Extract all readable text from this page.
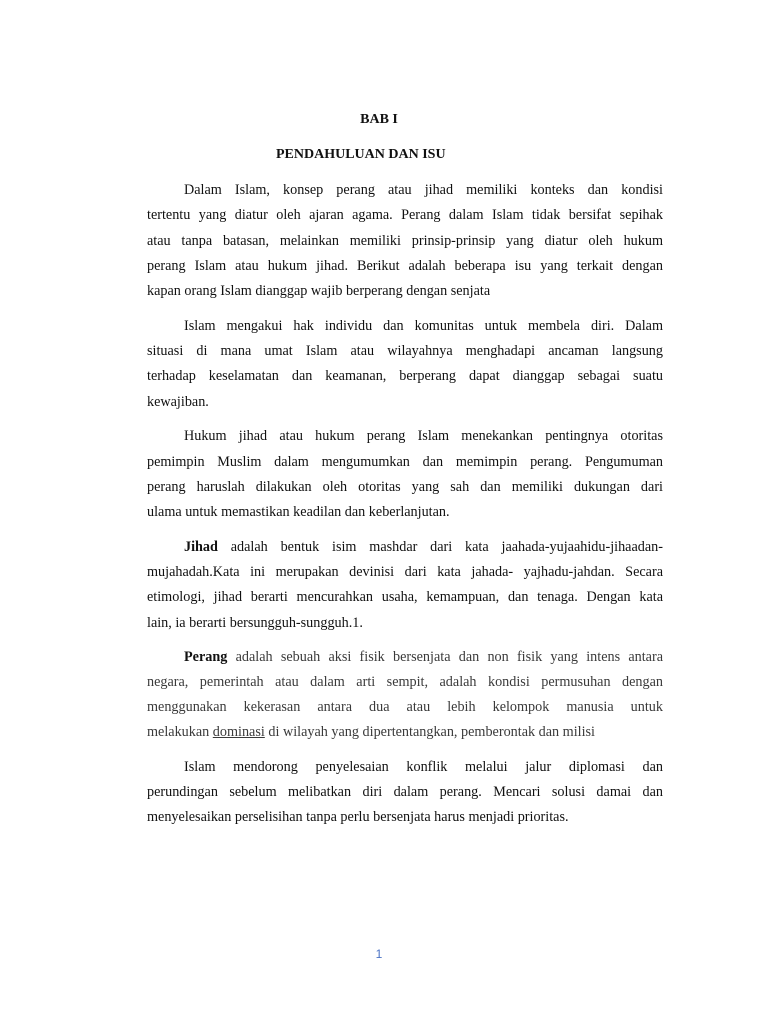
BAB I
PENDAHULUAN DAN ISU
Dalam Islam, konsep perang atau jihad memiliki konteks dan kondisi
tertentu yang diatur oleh ajaran agama. Perang dalam Islam tidak bersifat sepihak
atau tanpa batasan, melainkan memiliki prinsip-prinsip yang diatur oleh hukum
perang Islam atau hukum jihad. Berikut adalah beberapa isu yang terkait dengan
kapan orang Islam dianggap wajib berperang dengan senjata
Islam mengakui hak individu dan komunitas untuk membela diri. Dalam
situasi di mana umat Islam atau wilayahnya menghadapi ancaman langsung
terhadap keselamatan dan keamanan, berperang dapat dianggap sebagai suatu
kewajiban.
Hukum jihad atau hukum perang Islam menekankan pentingnya otoritas
pemimpin Muslim dalam mengumumkan dan memimpin perang. Pengumuman
perang haruslah dilakukan oleh otoritas yang sah dan memiliki dukungan dari
ulama untuk memastikan keadilan dan keberlanjutan.
Jihad adalah bentuk isim mashdar dari kata jaahada-yujaahidu-jihaadan-
mujahadah.Kata ini merupakan devinisi dari kata jahada- yajhadu-jahdan. Secara
etimologi, jihad berarti mencurahkan usaha, kemampuan, dan tenaga. Dengan kata
lain, ia berarti bersungguh-sungguh.1.
Perang adalah sebuah aksi fisik bersenjata dan non fisik yang intens antara
negara, pemerintah atau dalam arti sempit, adalah kondisi permusuhan dengan
menggunakan kekerasan antara dua atau lebih kelompok manusia untuk
melakukan dominasi di wilayah yang dipertentangkan, pemberontak dan milisi
Islam mendorong penyelesaian konflik melalui jalur diplomasi dan
perundingan sebelum melibatkan diri dalam perang. Mencari solusi damai dan
menyelesaikan perselisihan tanpa perlu bersenjata harus menjadi prioritas.
1
